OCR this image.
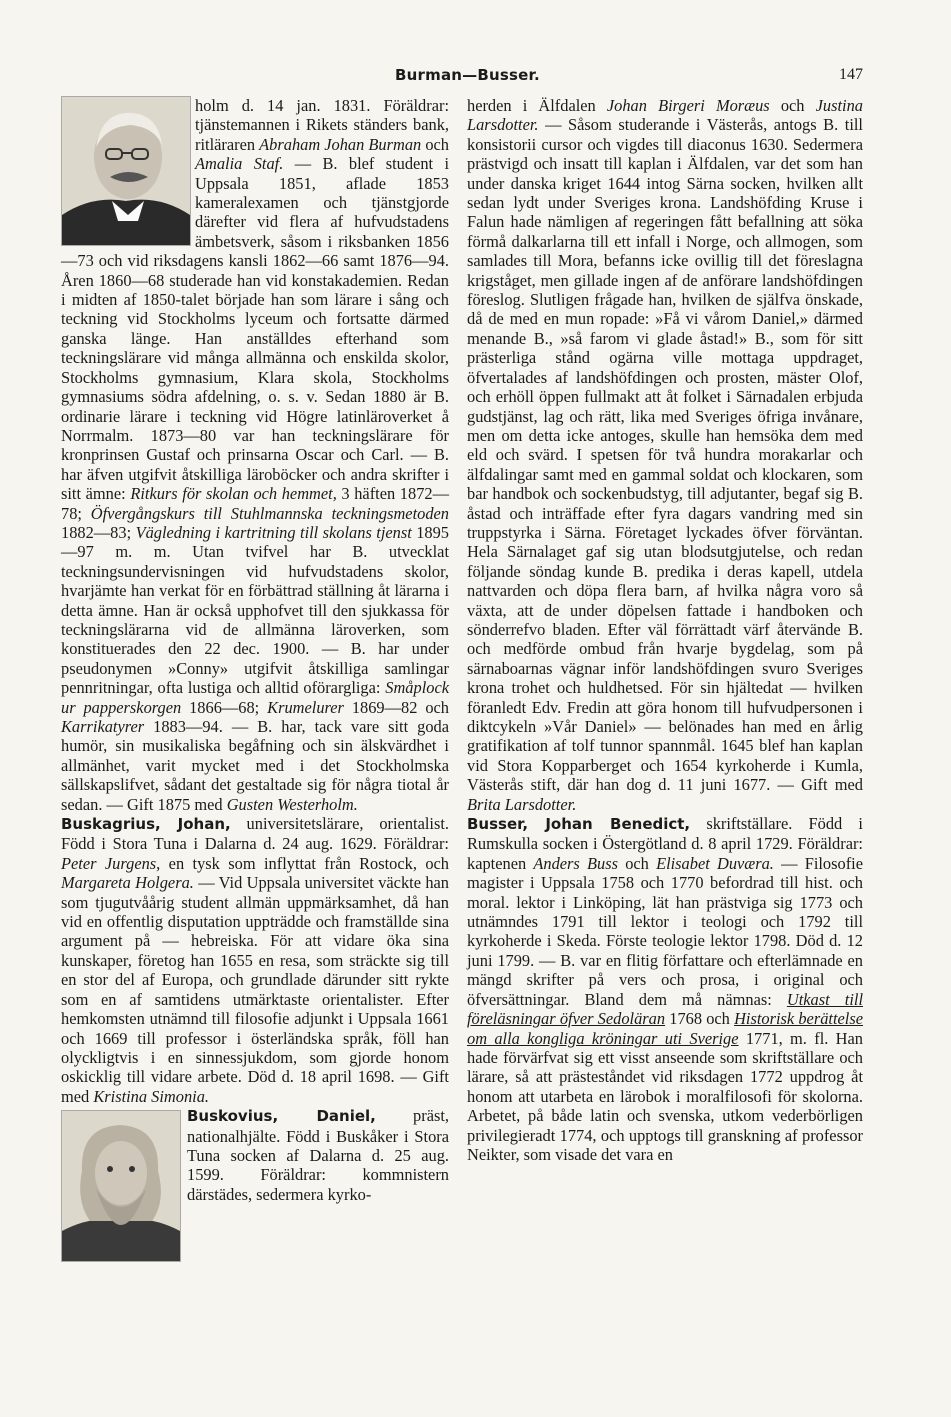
Burman—Busser.	147

holm d. 14 jan. 1831. Föräldrar: tjänstemannen i Rikets ständers bank, ritläraren Abraham Johan Burman och Amalia Staf. — B. blef student i Uppsala 1851, aflade 1853 kameralexamen och tjänstgjorde därefter vid flera af hufvudstadens ämbetsverk, såsom i riksbanken 1856—73 och vid riksdagens kansli 1862—66 samt 1876—94. Åren 1860—68 studerade han vid konstakademien. Redan i midten af 1850-talet började han som lärare i sång och teckning vid Stockholms lyceum och fortsatte därmed ganska länge. Han anställdes efterhand som teckningslärare vid många allmänna och enskilda skolor, Stockholms gymnasium, Klara skola, Stockholms gymnasiums södra afdelning, o. s. v. Sedan 1880 är B. ordinarie lärare i teckning vid Högre latinläroverket å Norrmalm. 1873—80 var han teckningslärare för kronprinsen Gustaf och prinsarna Oscar och Carl. — B. har äfven utgifvit åtskilliga läroböcker och andra skrifter i sitt ämne: Ritkurs för skolan och hemmet, 3 häften 1872—78; Öfvergångskurs till Stuhlmannska teckningsmetoden 1882—83; Vägledning i kartritning till skolans tjenst 1895—97 m. m. Utan tvifvel har B. utvecklat teckningsundervisningen vid hufvudstadens skolor, hvarjämte han verkat för en förbättrad ställning åt lärarna i detta ämne. Han är också upphofvet till den sjukkassa för teckningslärarna vid de allmänna läroverken, som konstituerades den 22 dec. 1900. — B. har under pseudonymen »Conny» utgifvit åtskilliga samlingar pennritningar, ofta lustiga och alltid oförargliga: Småplock ur papperskorgen 1866—68; Krumelurer 1869—82 och Karrikatyrer 1883—94. — B. har, tack vare sitt goda humör, sin musikaliska begåfning och sin älskvärdhet i allmänhet, varit mycket med i det Stockholmska sällskapslifvet, sådant det gestaltade sig för några tiotal år sedan. — Gift 1875 med Gusten Westerholm.

Buskagrius, Johan, universitetslärare, orientalist. Född i Stora Tuna i Dalarna d. 24 aug. 1629. Föräldrar: Peter Jurgens, en tysk som inflyttat från Rostock, och Margareta Holgera. — Vid Uppsala universitet väckte han som tjugutvåårig student allmän uppmärksamhet, då han vid en offentlig disputation uppträdde och framställde sina argument på — hebreiska. För att vidare öka sina kunskaper, företog han 1655 en resa, som sträckte sig till en stor del af Europa, och grundlade därunder sitt rykte som en af samtidens utmärktaste orientalister. Efter hemkomsten utnämnd till filosofie adjunkt i Uppsala 1661 och 1669 till professor i österländska språk, föll han olyckligtvis i en sinnessjukdom, som gjorde honom oskicklig till vidare arbete. Död d. 18 april 1698. — Gift med Kristina Simonia.

Buskovius, Daniel, präst, nationalhjälte. Född i Buskåker i Stora Tuna socken af Dalarna d. 25 aug. 1599. Föräldrar: kommnistern därstädes, sedermera kyrko-

herden i Älfdalen Johan Birgeri Moræus och Justina Larsdotter. — Såsom studerande i Västerås, antogs B. till konsistorii cursor och vigdes till diaconus 1630. Sedermera prästvigd och insatt till kaplan i Älfdalen, var det som han under danska kriget 1644 intog Särna socken, hvilken allt sedan lydt under Sveriges krona. Landshöfding Kruse i Falun hade nämligen af regeringen fått befallning att söka förmå dalkarlarna till ett infall i Norge, och allmogen, som samlades till Mora, befanns icke ovillig till det föreslagna krigståget, men gillade ingen af de anförare landshöfdingen föreslog. Slutligen frågade han, hvilken de själfva önskade, då de med en mun ropade: »Få vi vårom Daniel,» därmed menande B., »så farom vi glade åstad!» B., som för sitt prästerliga stånd ogärna ville mottaga uppdraget, öfvertalades af landshöfdingen och prosten, mäster Olof, och erhöll öppen fullmakt att åt folket i Särnadalen erbjuda gudstjänst, lag och rätt, lika med Sveriges öfriga invånare, men om detta icke antoges, skulle han hemsöka dem med eld och svärd. I spetsen för två hundra morakarlar och älfdalingar samt med en gammal soldat och klockaren, som bar handbok och sockenbudstyg, till adjutanter, begaf sig B. åstad och inträffade efter fyra dagars vandring med sin truppstyrka i Särna. Företaget lyckades öfver förväntan. Hela Särnalaget gaf sig utan blodsutgjutelse, och redan följande söndag kunde B. predika i deras kapell, utdela nattvarden och döpa flera barn, af hvilka några voro så växta, att de under döpelsen fattade i handboken och sönderrefvo bladen. Efter väl förrättadt värf återvände B. och medförde ombud från hvarje bygdelag, som på särnaboarnas vägnar inför landshöfdingen svuro Sveriges krona trohet och huldhetsed. För sin hjältedat — hvilken föranledt Edv. Fredin att göra honom till hufvudpersonen i diktcykeln »Vår Daniel» — belönades han med en årlig gratifikation af tolf tunnor spannmål. 1645 blef han kaplan vid Stora Kopparberget och 1654 kyrkoherde i Kumla, Västerås stift, där han dog d. 11 juni 1677. — Gift med Brita Larsdotter.

Busser, Johan Benedict, skriftställare. Född i Rumskulla socken i Östergötland d. 8 april 1729. Föräldrar: kaptenen Anders Buss och Elisabet Duværa. — Filosofie magister i Uppsala 1758 och 1770 befordrad till hist. och moral. lektor i Linköping, lät han prästviga sig 1773 och utnämndes 1791 till lektor i teologi och 1792 till kyrkoherde i Skeda. Förste teologie lektor 1798. Död d. 12 juni 1799. — B. var en flitig författare och efterlämnade en mängd skrifter på vers och prosa, i original och öfversättningar. Bland dem må nämnas: Utkast till föreläsningar öfver Sedoläran 1768 och Historisk berättelse om alla kongliga kröningar uti Sverige 1771, m. fl. Han hade förvärfvat sig ett visst anseende som skriftställare och lärare, så att prästeståndet vid riksdagen 1772 uppdrog åt honom att utarbeta en lärobok i moralfilosofi för skolorna. Arbetet, på både latin och svenska, utkom vederbörligen privilegieradt 1774, och upptogs till granskning af professor Neikter, som visade det vara en
